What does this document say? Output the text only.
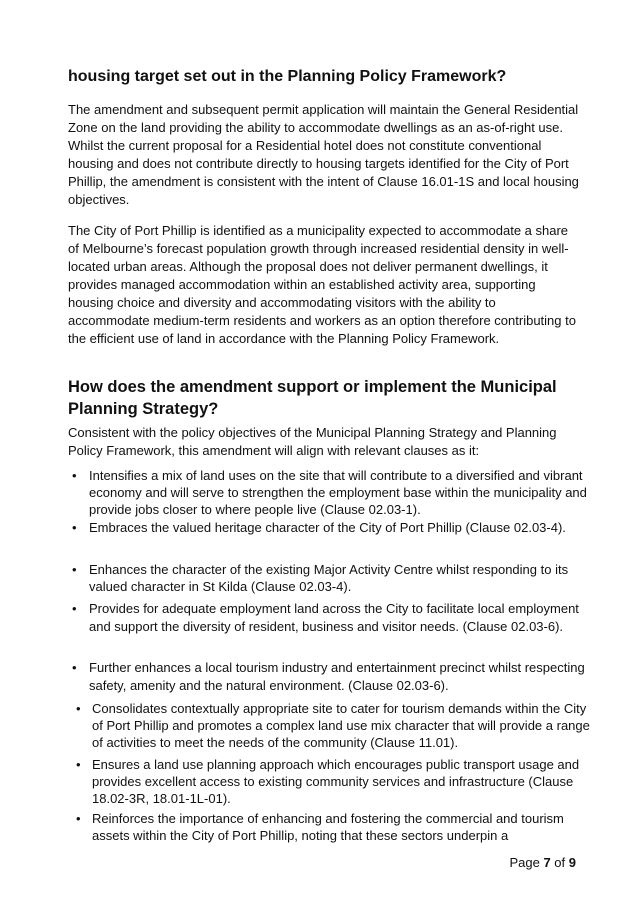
housing target set out in the Planning Policy Framework?

The amendment and subsequent permit application will maintain the General Residential Zone on the land providing the ability to accommodate dwellings as an as-of-right use. Whilst the current proposal for a Residential hotel does not constitute conventional housing and does not contribute directly to housing targets identified for the City of Port Phillip, the amendment is consistent with the intent of Clause 16.01-1S and local housing objectives.

The City of Port Phillip is identified as a municipality expected to accommodate a share of Melbourne’s forecast population growth through increased residential density in well-located urban areas. Although the proposal does not deliver permanent dwellings, it provides managed accommodation within an established activity area, supporting housing choice and diversity and accommodating visitors with the ability to accommodate medium-term residents and workers as an option therefore contributing to the efficient use of land in accordance with the Planning Policy Framework.

How does the amendment support or implement the Municipal Planning Strategy?

Consistent with the policy objectives of the Municipal Planning Strategy and Planning Policy Framework, this amendment will align with relevant clauses as it:

• Intensifies a mix of land uses on the site that will contribute to a diversified and vibrant economy and will serve to strengthen the employment base within the municipality and provide jobs closer to where people live (Clause 02.03-1).

• Embraces the valued heritage character of the City of Port Phillip (Clause 02.03-4).

• Enhances the character of the existing Major Activity Centre whilst responding to its valued character in St Kilda (Clause 02.03-4).

• Provides for adequate employment land across the City to facilitate local employment and support the diversity of resident, business and visitor needs. (Clause 02.03-6).

• Further enhances a local tourism industry and entertainment precinct whilst respecting safety, amenity and the natural environment. (Clause 02.03-6).

• Consolidates contextually appropriate site to cater for tourism demands within the City of Port Phillip and promotes a complex land use mix character that will provide a range of activities to meet the needs of the community (Clause 11.01).

• Ensures a land use planning approach which encourages public transport usage and provides excellent access to existing community services and infrastructure (Clause 18.02-3R, 18.01-1L-01).

• Reinforces the importance of enhancing and fostering the commercial and tourism assets within the City of Port Phillip, noting that these sectors underpin a

Page 7 of 9
